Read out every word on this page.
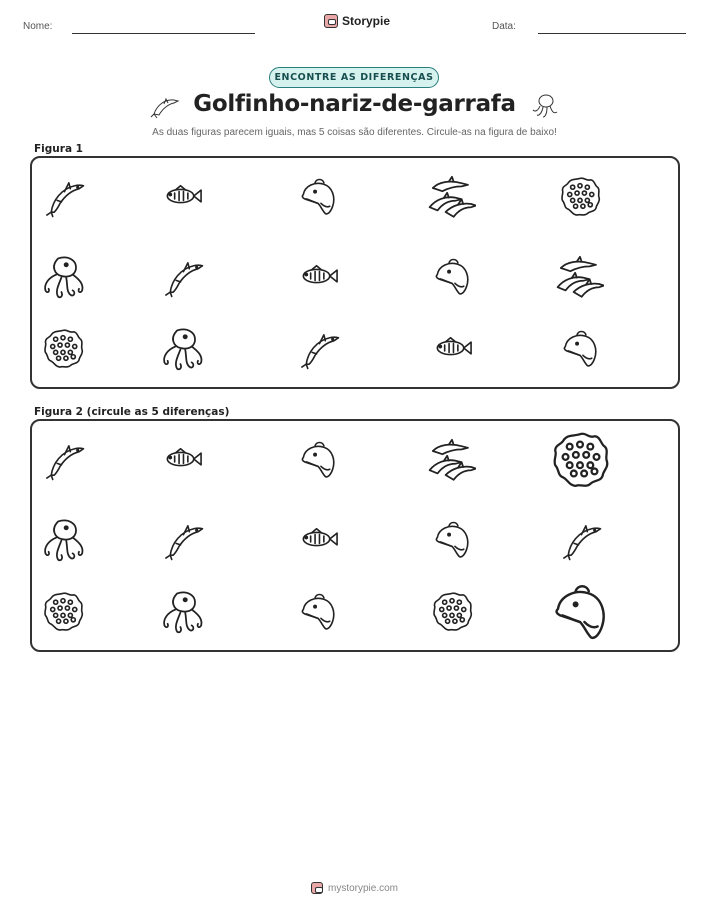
Nome:	Storypie	Data:
ENCONTRE AS DIFERENÇAS
Golfinho-nariz-de-garrafa
As duas figuras parecem iguais, mas 5 coisas são diferentes. Circule-as na figura de baixo!
Figura 1
Figura 2 (circule as 5 diferenças)
mystorypie.com
